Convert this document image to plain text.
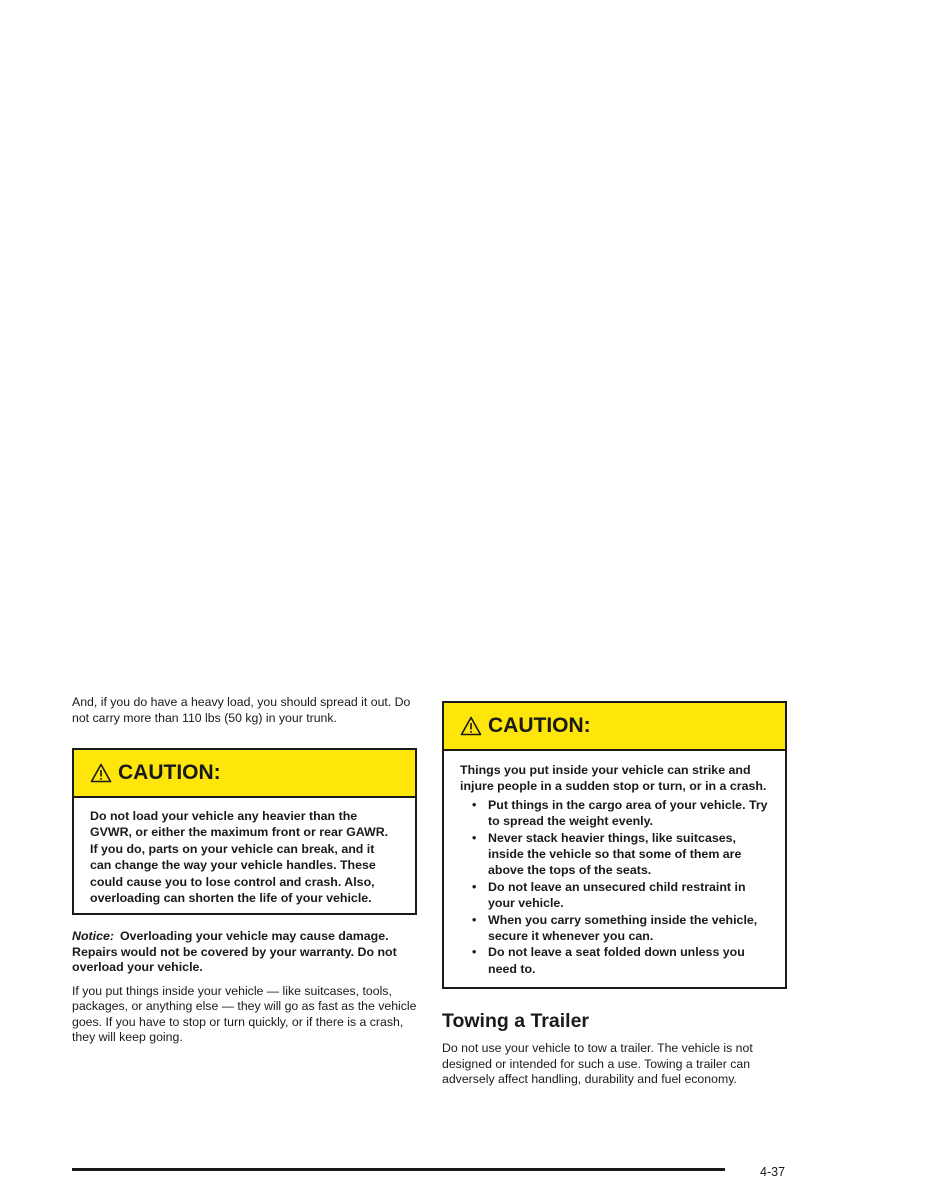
And, if you do have a heavy load, you should spread it out. Do not carry more than 110 lbs (50 kg) in your trunk.

CAUTION:

Do not load your vehicle any heavier than the GVWR, or either the maximum front or rear GAWR. If you do, parts on your vehicle can break, and it can change the way your vehicle handles. These could cause you to lose control and crash. Also, overloading can shorten the life of your vehicle.

Notice: Overloading your vehicle may cause damage. Repairs would not be covered by your warranty. Do not overload your vehicle.

If you put things inside your vehicle — like suitcases, tools, packages, or anything else — they will go as fast as the vehicle goes. If you have to stop or turn quickly, or if there is a crash, they will keep going.

CAUTION:

Things you put inside your vehicle can strike and injure people in a sudden stop or turn, or in a crash.

• Put things in the cargo area of your vehicle. Try to spread the weight evenly.
• Never stack heavier things, like suitcases, inside the vehicle so that some of them are above the tops of the seats.
• Do not leave an unsecured child restraint in your vehicle.
• When you carry something inside the vehicle, secure it whenever you can.
• Do not leave a seat folded down unless you need to.
Towing a Trailer

Do not use your vehicle to tow a trailer. The vehicle is not designed or intended for such a use. Towing a trailer can adversely affect handling, durability and fuel economy.

4-37
